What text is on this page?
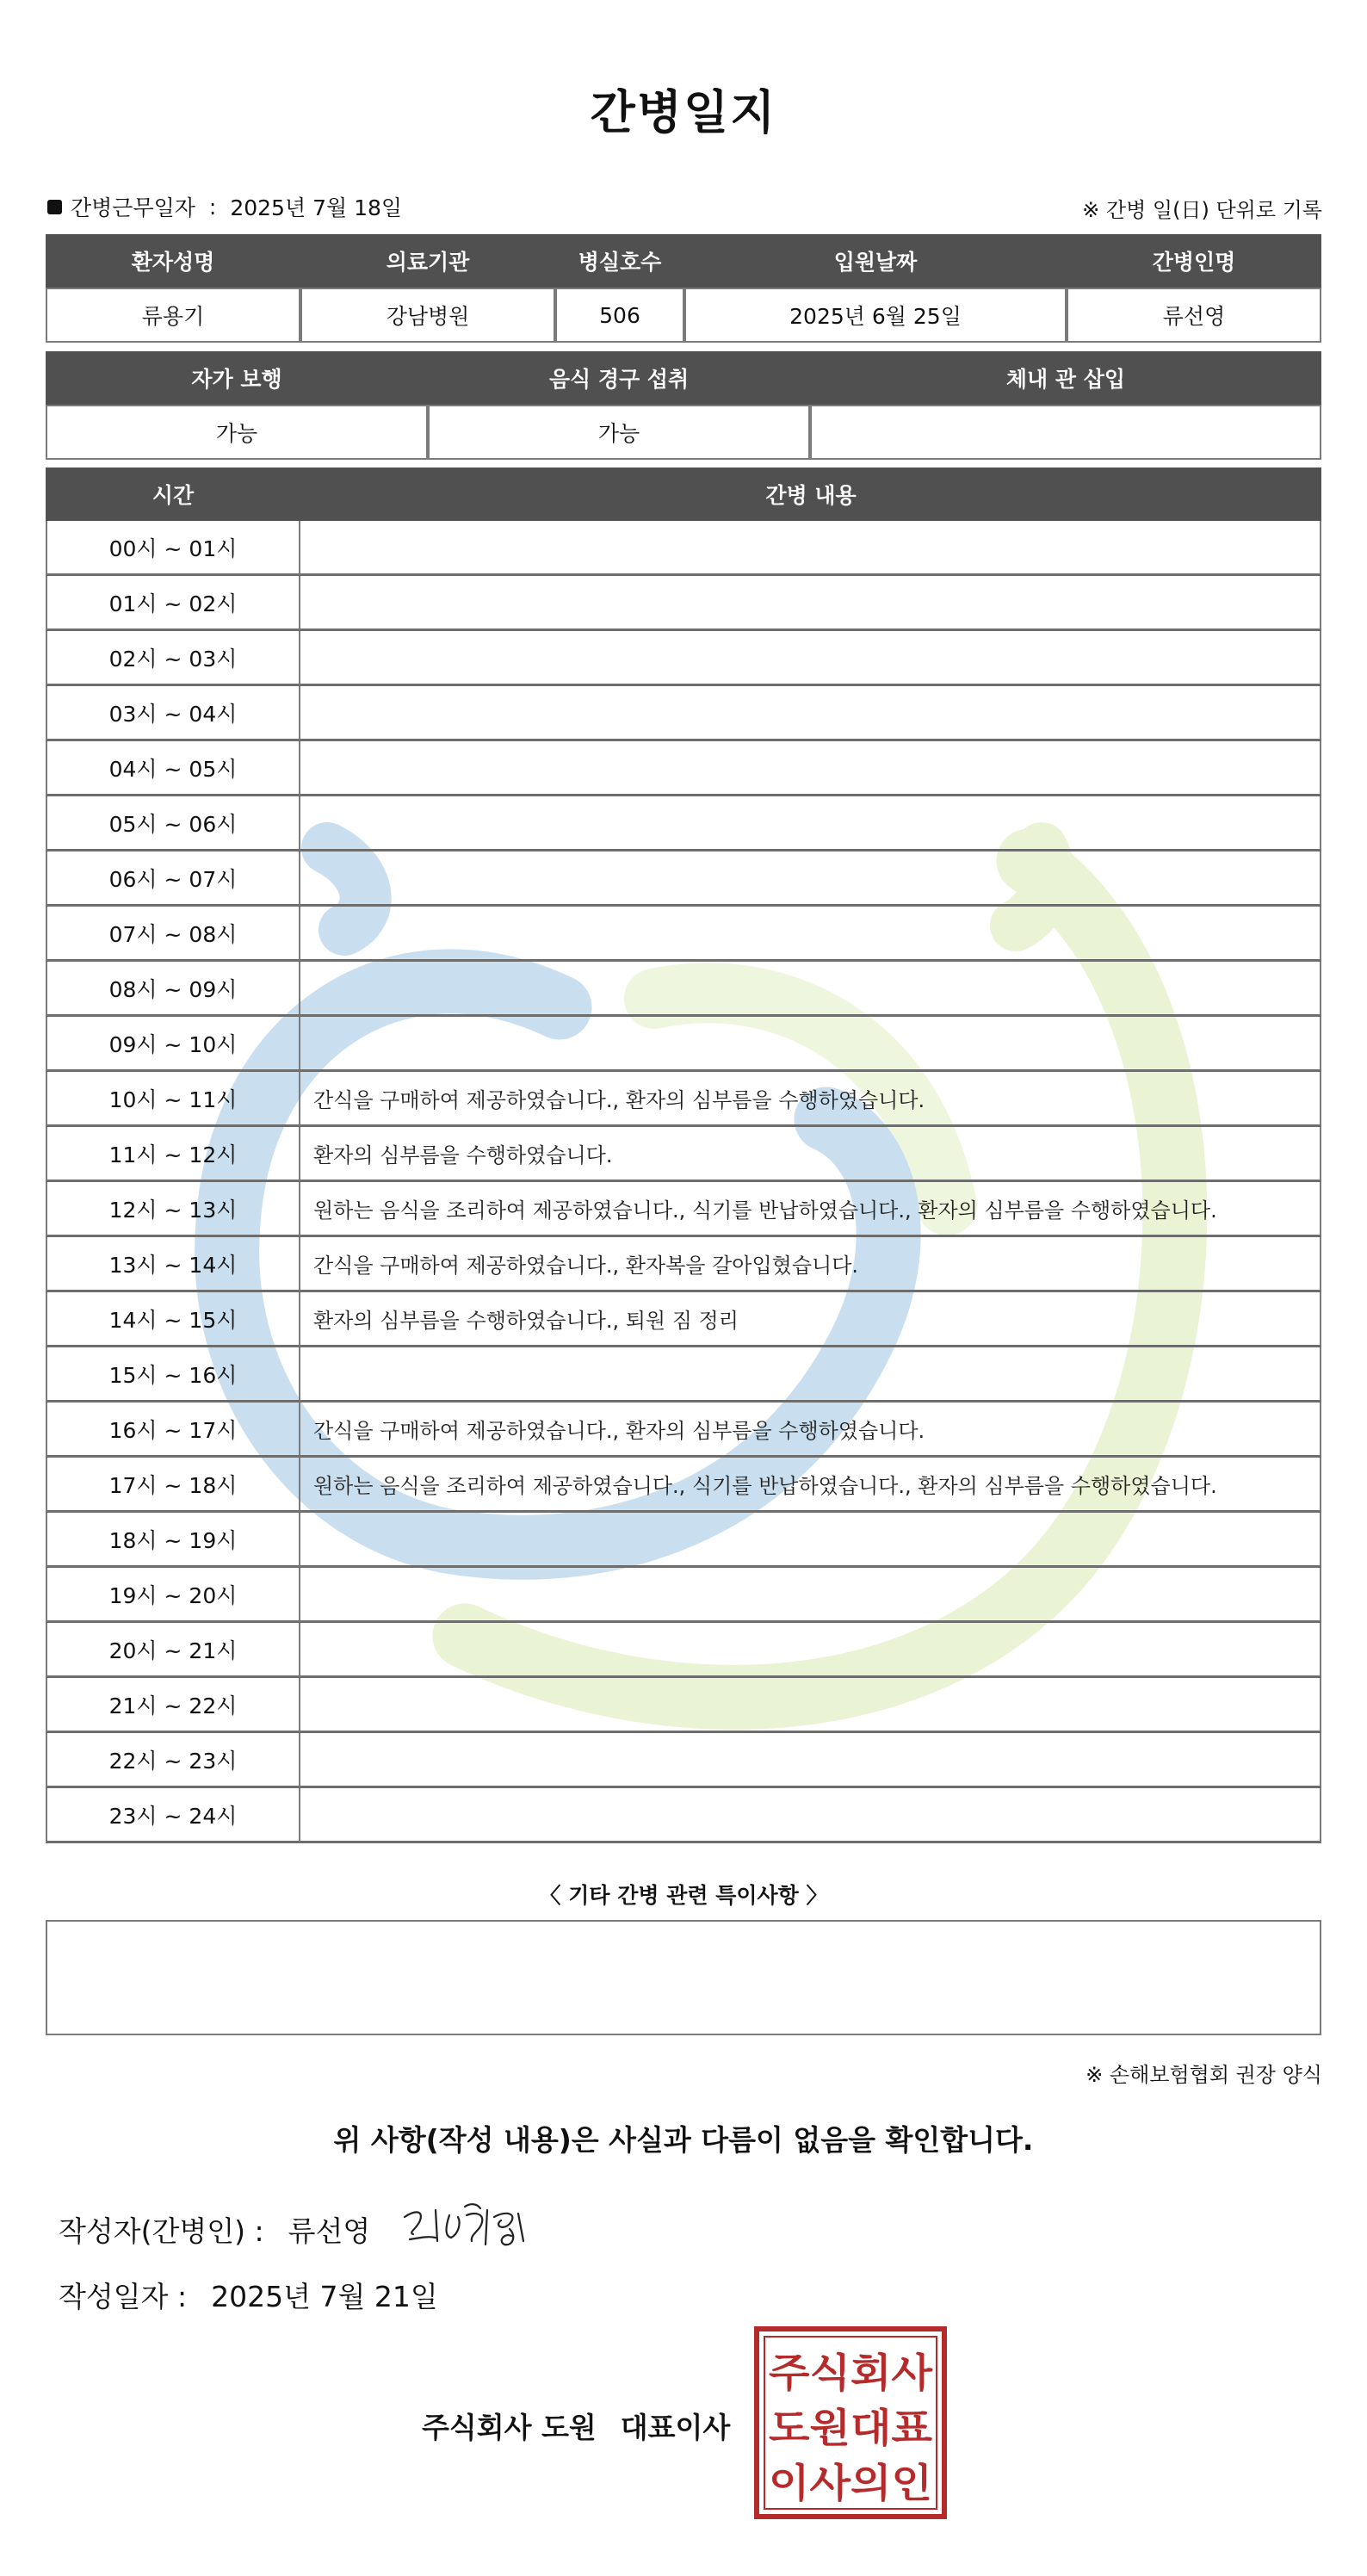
간병일지
간병근무일자 : 2025년 7월 18일	※ 간병 일(日) 단위로 기록
환자성명	의료기관	병실호수	입원날짜	간병인명
류용기	강남병원	506	2025년 6월 25일	류선영
자가 보행	음식 경구 섭취	체내 관 삽입
가능	가능	
시간	간병 내용
00시 ~ 01시	
01시 ~ 02시	
02시 ~ 03시	
03시 ~ 04시	
04시 ~ 05시	
05시 ~ 06시	
06시 ~ 07시	
07시 ~ 08시	
08시 ~ 09시	
09시 ~ 10시	
10시 ~ 11시	간식을 구매하여 제공하였습니다., 환자의 심부름을 수행하였습니다.
11시 ~ 12시	환자의 심부름을 수행하였습니다.
12시 ~ 13시	원하는 음식을 조리하여 제공하였습니다., 식기를 반납하였습니다., 환자의 심부름을 수행하였습니다.
13시 ~ 14시	간식을 구매하여 제공하였습니다., 환자복을 갈아입혔습니다.
14시 ~ 15시	환자의 심부름을 수행하였습니다., 퇴원 짐 정리
15시 ~ 16시	
16시 ~ 17시	간식을 구매하여 제공하였습니다., 환자의 심부름을 수행하였습니다.
17시 ~ 18시	원하는 음식을 조리하여 제공하였습니다., 식기를 반납하였습니다., 환자의 심부름을 수행하였습니다.
18시 ~ 19시	
19시 ~ 20시	
20시 ~ 21시	
21시 ~ 22시	
22시 ~ 23시	
23시 ~ 24시	
〈 기타 간병 관련 특이사항 〉
※ 손해보험협회 권장 양식
위 사항(작성 내용)은 사실과 다름이 없음을 확인합니다.
작성자(간병인) : 류선영
작성일자 : 2025년 7월 21일
주식회사 도원 대표이사
주식회사
도원대표
이사의인
